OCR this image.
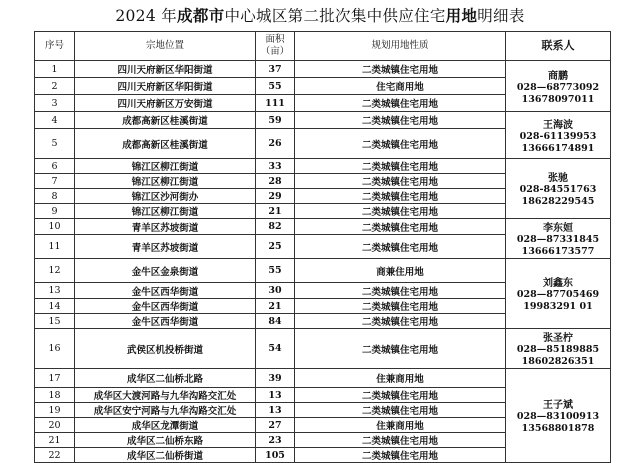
2024 年成都市中心城区第二批次集中供应住宅用地明细表
序号	宗地位置	面积
（亩）	规划用地性质	联系人
1	四川天府新区华阳街道	37	二类城镇住宅用地	商鹏
028—68773092
13678097011

2	四川天府新区华阳街道	55	住宅商用地	
3	四川天府新区万安街道	111	二类城镇住宅用地	
4	成都高新区桂溪街道	59	二类城镇住宅用地	王海波
028-61139953
13666174891

5	成都高新区桂溪街道	26	二类城镇住宅用地	
6	锦江区柳江街道	33	二类城镇住宅用地	张驰
028-84551763
18628229545

7	锦江区柳江街道	28	二类城镇住宅用地	
8	锦江区沙河街办	29	二类城镇住宅用地	
9	锦江区柳江街道	21	二类城镇住宅用地	
10	青羊区苏坡街道	82	二类城镇住宅用地	李东姮
028—87331845
13666173577

11	青羊区苏坡街道	25	二类城镇住宅用地	
12	金牛区金泉街道	55	商兼住用地	刘鑫东
028—87705469
19983291 01

13	金牛区西华街道	30	二类城镇住宅用地	
14	金牛区西华街道	21	二类城镇住宅用地	
15	金牛区西华街道	84	二类城镇住宅用地	
16	武侯区机投桥街道	54	二类城镇住宅用地	张圣柠
028—85189885
18602826351

17	成华区二仙桥北路	39	住兼商用地	王子斌
028—83100913
13568801878

18	成华区大渡河路与九华沟路交汇处	13	二类城镇住宅用地	
19	成华区安宁河路与九华沟路交汇处	13	二类城镇住宅用地	
20	成华区龙潭街道	27	住兼商用地	
21	成华区二仙桥东路	23	二类城镇住宅用地	
22	成华区二仙桥街道	105	二类城镇住宅用地	
